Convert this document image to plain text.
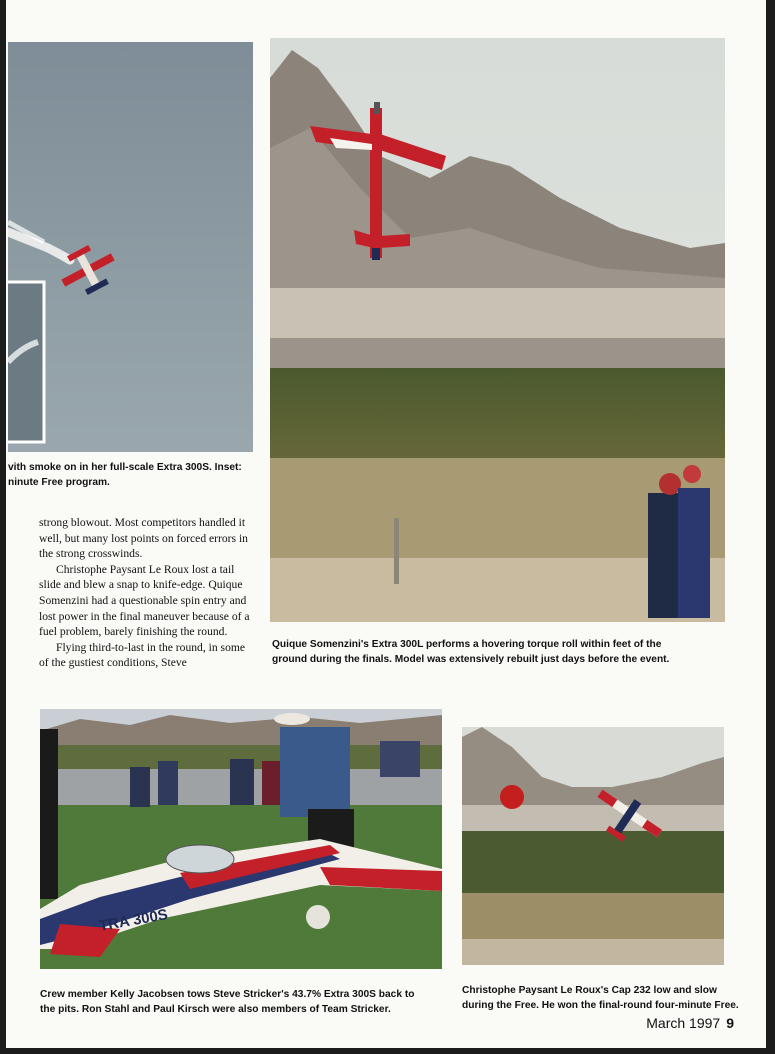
vith smoke on in her full-scale Extra 300S. Inset:
ninute Free program.

Quique Somenzini's Extra 300L performs a hovering torque roll within feet of the
ground during the finals. Model was extensively rebuilt just days before the event.

strong blowout. Most competitors handled it well, but many lost points on forced errors in the strong crosswinds.

Christophe Paysant Le Roux lost a tail slide and blew a snap to knife-edge. Quique Somenzini had a questionable spin entry and lost power in the final maneuver because of a fuel problem, barely finishing the round.

Flying third-to-last in the round, in some of the gustiest conditions, Steve

TRA 300S

Crew member Kelly Jacobsen tows Steve Stricker's 43.7% Extra 300S back to
the pits. Ron Stahl and Paul Kirsch were also members of Team Stricker.

Christophe Paysant Le Roux's Cap 232 low and slow
during the Free. He won the final-round four-minute Free.

March 1997 9
